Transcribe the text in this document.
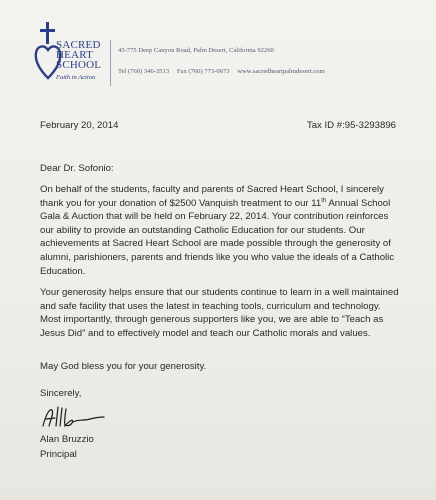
SACRED
HEART
SCHOOL
Faith in Action
43-775 Deep Canyon Road, Palm Desert, California 92260
Tel (760) 346-3513 Fax (760) 773-0673 www.sacredheartpalmdesert.com
February 20, 2014	Tax ID #:95-3293896
Dear Dr. Sofonio:

On behalf of the students, faculty and parents of Sacred Heart School, I sincerely thank you for your donation of $2500 Vanquish treatment to our 11th Annual School Gala & Auction that will be held on February 22, 2014. Your contribution reinforces our ability to provide an outstanding Catholic Education for our students. Our achievements at Sacred Heart School are made possible through the generosity of alumni, parishioners, parents and friends like you who value the ideals of a Catholic Education.

Your generosity helps ensure that our students continue to learn in a well maintained and safe facility that uses the latest in teaching tools, curriculum and technology. Most importantly, through generous supporters like you, we are able to “Teach as Jesus Did” and to effectively model and teach our Catholic morals and values.

May God bless you for your generosity.

Sincerely,
Alan Bruzzio
Principal
